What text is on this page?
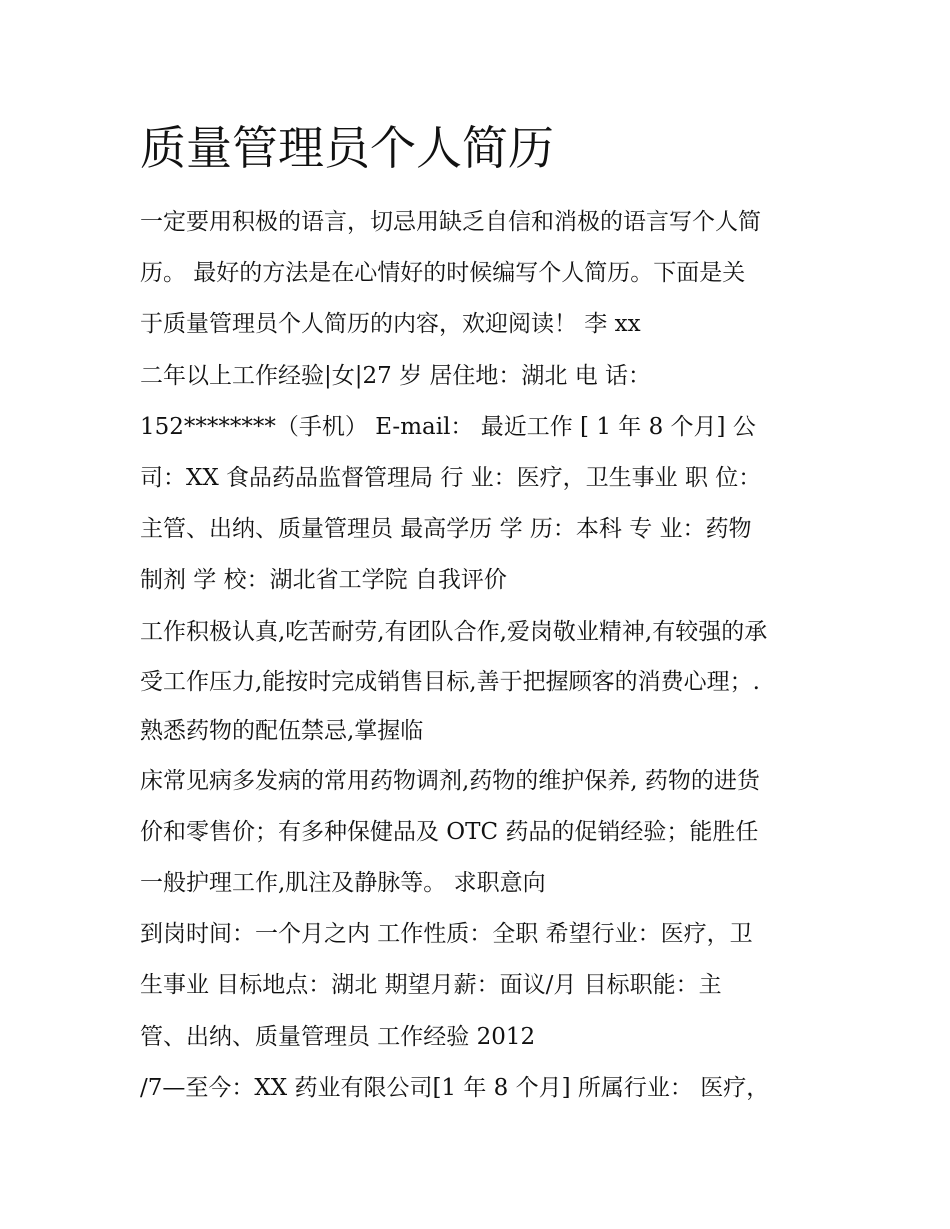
质量管理员个人简历
一定要用积极的语言，切忌用缺乏自信和消极的语言写个人简
历。 最好的方法是在心情好的时候编写个人简历。下面是关
于质量管理员个人简历的内容，欢迎阅读！ 李 xx
二年以上工作经验|女|27 岁 居住地：湖北 电 话：
152********（手机） E-mail： 最近工作 [ 1 年 8 个月] 公
司：XX 食品药品监督管理局 行 业：医疗，卫生事业 职 位：
主管、出纳、质量管理员 最高学历 学 历：本科 专 业：药物
制剂 学 校：湖北省工学院 自我评价
工作积极认真,吃苦耐劳,有团队合作,爱岗敬业精神,有较强的承
受工作压力,能按时完成销售目标,善于把握顾客的消费心理；.
熟悉药物的配伍禁忌,掌握临
床常见病多发病的常用药物调剂,药物的维护保养, 药物的进货
价和零售价；有多种保健品及 OTC 药品的促销经验；能胜任
一般护理工作,肌注及静脉等。 求职意向
到岗时间：一个月之内 工作性质：全职 希望行业：医疗，卫
生事业 目标地点：湖北 期望月薪：面议/月 目标职能：主
管、出纳、质量管理员 工作经验 2012
/7—至今：XX 药业有限公司[1 年 8 个月] 所属行业： 医疗，
